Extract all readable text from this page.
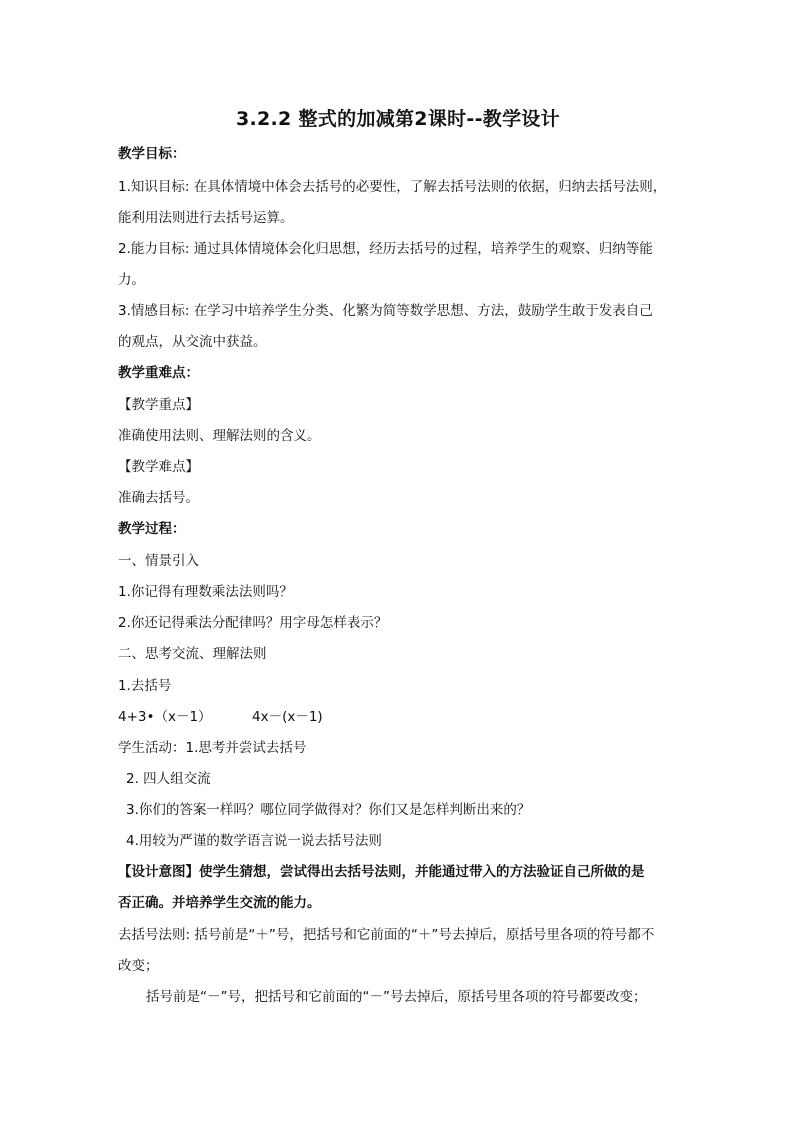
3.2.2 整式的加减第2课时--教学设计
教学目标：
1.知识目标: 在具体情境中体会去括号的必要性，了解去括号法则的依据，归纳去括号法则，
能利用法则进行去括号运算。
2.能力目标: 通过具体情境体会化归思想，经历去括号的过程，培养学生的观察、归纳等能
力。
3.情感目标: 在学习中培养学生分类、化繁为简等数学思想、方法，鼓励学生敢于发表自己
的观点，从交流中获益。
教学重难点：
【教学重点】
准确使用法则、理解法则的含义。
【教学难点】
准确去括号。
教学过程：
一、情景引入
1.你记得有理数乘法法则吗？
2.你还记得乘法分配律吗？用字母怎样表示？
二、思考交流、理解法则
1.去括号
4+3•（x－1）	4x－(x－1)
学生活动：1.思考并尝试去括号
2. 四人组交流
3.你们的答案一样吗？哪位同学做得对？你们又是怎样判断出来的？
4.用较为严谨的数学语言说一说去括号法则
【设计意图】使学生猜想，尝试得出去括号法则，并能通过带入的方法验证自己所做的是
否正确。并培养学生交流的能力。
去括号法则: 括号前是“＋”号，把括号和它前面的“＋”号去掉后，原括号里各项的符号都不
改变；
括号前是“－”号，把括号和它前面的“－”号去掉后，原括号里各项的符号都要改变；
